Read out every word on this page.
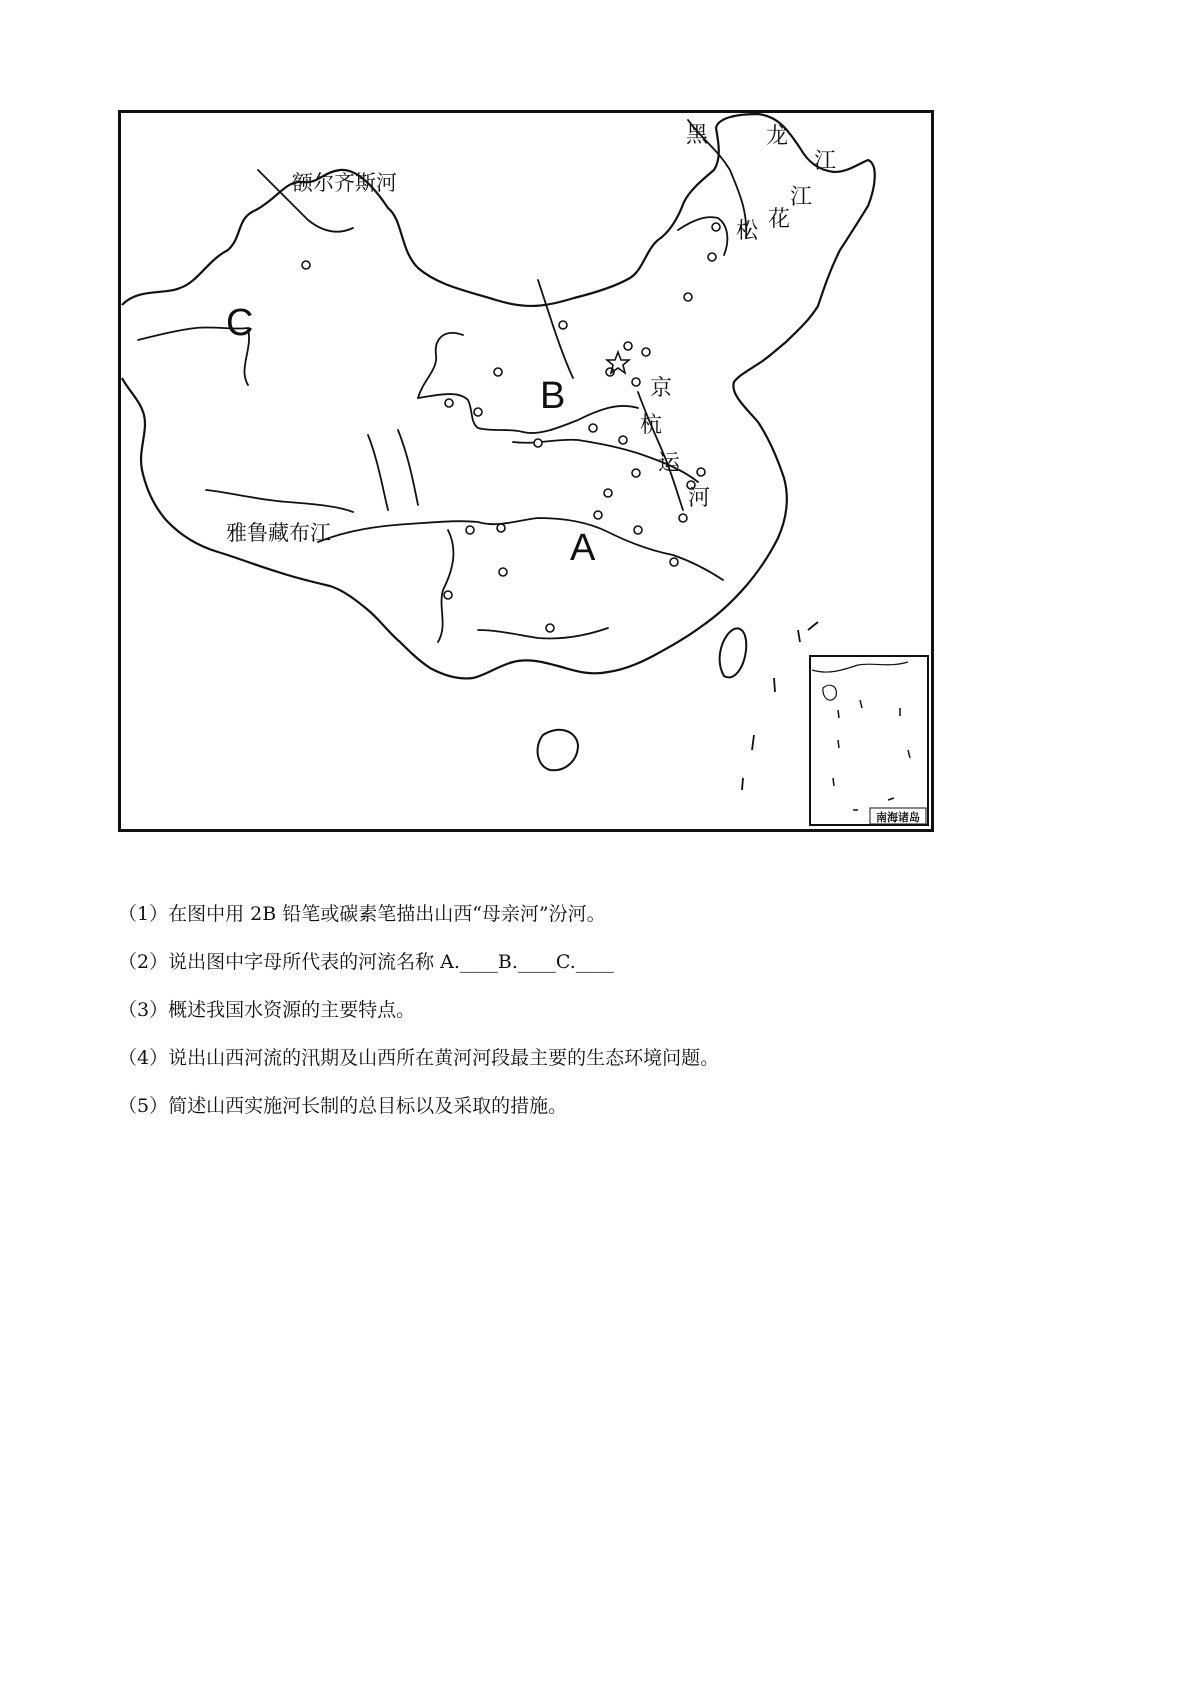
南海诸岛
黑	龙
江
松 花
江
额尔齐斯河
雅鲁藏布江
京
杭
运
河
A
B
C
（1）在图中用 2B 铅笔或碳素笔描出山西“母亲河”汾河。
（2）说出图中字母所代表的河流名称 A.____B.____C.____
（3）概述我国水资源的主要特点。
（4）说出山西河流的汛期及山西所在黄河河段最主要的生态环境问题。
（5）简述山西实施河长制的总目标以及采取的措施。
